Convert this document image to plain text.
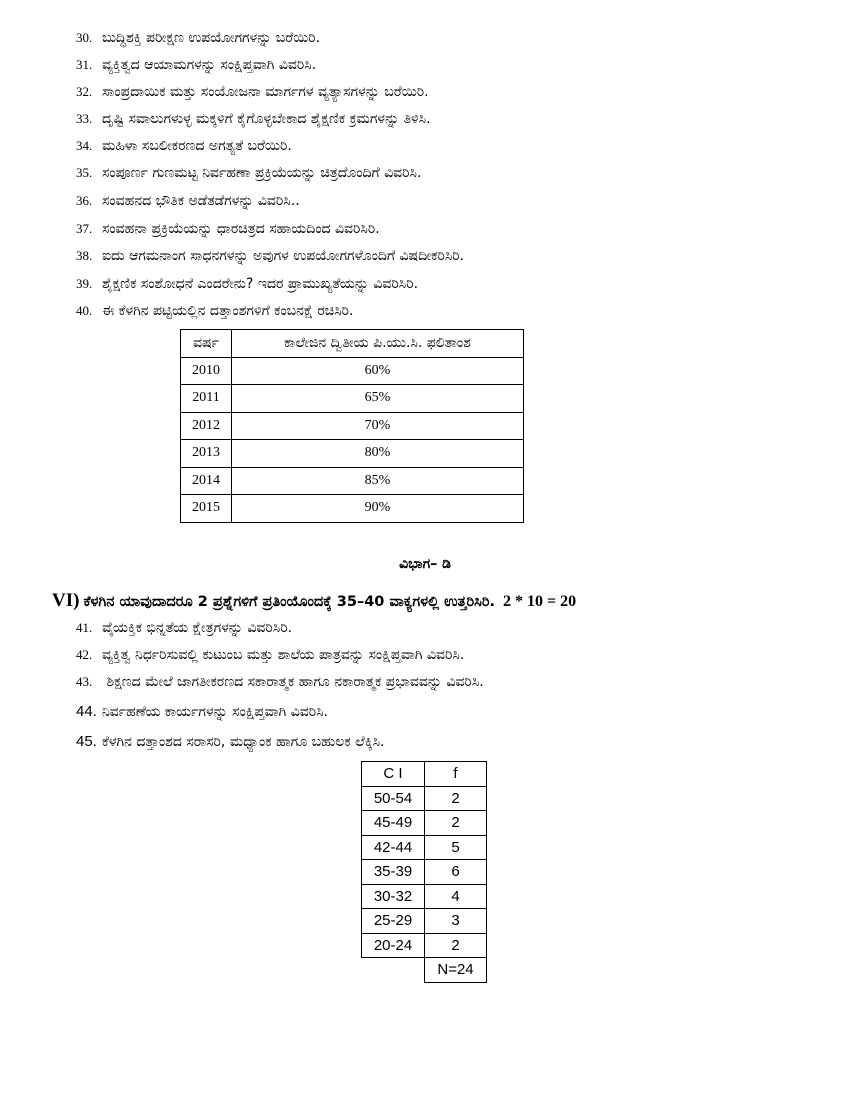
30. ಬುದ್ಧಿಶಕ್ತಿ ಪರೀಕ್ಷಣ ಉಪಯೋಗಗಳನ್ನು ಬರೆಯಿರಿ.
31. ವ್ಯಕ್ತಿತ್ವದ ಆಯಾಮಗಳನ್ನು ಸಂಕ್ಷಿಪ್ತವಾಗಿ ವಿವರಿಸಿ.
32. ಸಾಂಪ್ರದಾಯಿಕ ಮತ್ತು ಸಂಯೋಜನಾ ಮಾರ್ಗಗಳ ವ್ಯತ್ಯಾಸಗಳನ್ನು ಬರೆಯಿರಿ.
33. ದೃಷ್ಟಿ ಸವಾಲುಗಳುಳ್ಳ ಮಕ್ಕಳಿಗೆ ಕೈಗೊಳ್ಳಬೇಕಾದ ಶೈಕ್ಷಣಿಕ ಕ್ರಮಗಳನ್ನು ತಿಳಿಸಿ.
34. ಮಹಿಳಾ ಸಬಲೀಕರಣದ ಅಗತ್ಯತೆ ಬರೆಯಿರಿ.
35. ಸಂಪೂರ್ಣ ಗುಣಮಟ್ಟ ನಿರ್ವಹಣಾ ಪ್ರಕ್ರಿಯೆಯನ್ನು ಚಿತ್ರದೊಂದಿಗೆ ವಿವರಿಸಿ.
36. ಸಂವಹನದ ಭೌತಿಕ ಅಡೆತಡೆಗಳನ್ನು ವಿವರಿಸಿ..
37. ಸಂವಹನಾ ಪ್ರಕ್ರಿಯೆಯನ್ನು ಧಾರಚಿತ್ರದ ಸಹಾಯದಿಂದ ವಿವರಿಸಿರಿ.
38. ಐದು ಆಗಮನಾಂಗ ಸಾಧನಗಳನ್ನು ಅವುಗಳ ಉಪಯೋಗಗಳೊಂದಿಗೆ ವಿಷದೀಕರಿಸಿರಿ.
39. ಶೈಕ್ಷಣಿಕ ಸಂಶೋಧನೆ ಎಂದರೇನು? ಇದರ ಪ್ರಾಮುಖ್ಯತೆಯನ್ನು ವಿವರಿಸಿರಿ.
40. ಈ ಕೆಳಗಿನ ಪಟ್ಟಿಯಲ್ಲಿನ ದತ್ತಾಂಶಗಳಿಗೆ ಕಂಬನಕ್ಷೆ ರಚಿಸಿರಿ.
ವರ್ಷ	ಕಾಲೇಜಿನ ದ್ವಿತೀಯ ಪಿ.ಯು.ಸಿ. ಫಲಿತಾಂಶ
2010	60%
2011	65%
2012	70%
2013	80%
2014	85%
2015	90%
ವಿಭಾಗ– ಡಿ
VI) ಕೆಳಗಿನ ಯಾವುದಾದರೂ 2 ಪ್ರಶ್ನೆಗಳಿಗೆ ಪ್ರತಿಂಯೊಂದಕ್ಕೆ 35–40 ವಾಕ್ಯಗಳಲ್ಲಿ ಉತ್ತರಿಸಿರಿ. 2 * 10 = 20
41. ವೈಯಕ್ತಿಕ ಭಿನ್ನತೆಯ ಕ್ಷೇತ್ರಗಳನ್ನು ವಿವರಿಸಿರಿ.
42. ವ್ಯಕ್ತಿತ್ವ ನಿರ್ಧರಿಸುವಲ್ಲಿ ಕುಟುಂಬ ಮತ್ತು ಶಾಲೆಯ ಪಾತ್ರವನ್ನು ಸಂಕ್ಷಿಪ್ತವಾಗಿ ವಿವರಿಸಿ.
43. ಶಿಕ್ಷಣದ ಮೇಲೆ ಜಾಗತೀಕರಣದ ಸಕಾರಾತ್ಮಕ ಹಾಗೂ ನಕಾರಾತ್ಮಕ ಪ್ರಭಾವವನ್ನು ವಿವರಿಸಿ.
44. ನಿರ್ವಹಣೆಯ ಕಾರ್ಯಗಳನ್ನು ಸಂಕ್ಷಿಪ್ತವಾಗಿ ವಿವರಿಸಿ.
45. ಕೆಳಗಿನ ದತ್ತಾಂಶದ ಸರಾಸರಿ, ಮಧ್ಯಾಂಕ ಹಾಗೂ ಬಹುಲಕ ಲೆಕ್ಕಿಸಿ.
C I	f
50-54	2
45-49	2
42-44	5
35-39	6
30-32	4
25-29	3
20-24	2
	N=24
